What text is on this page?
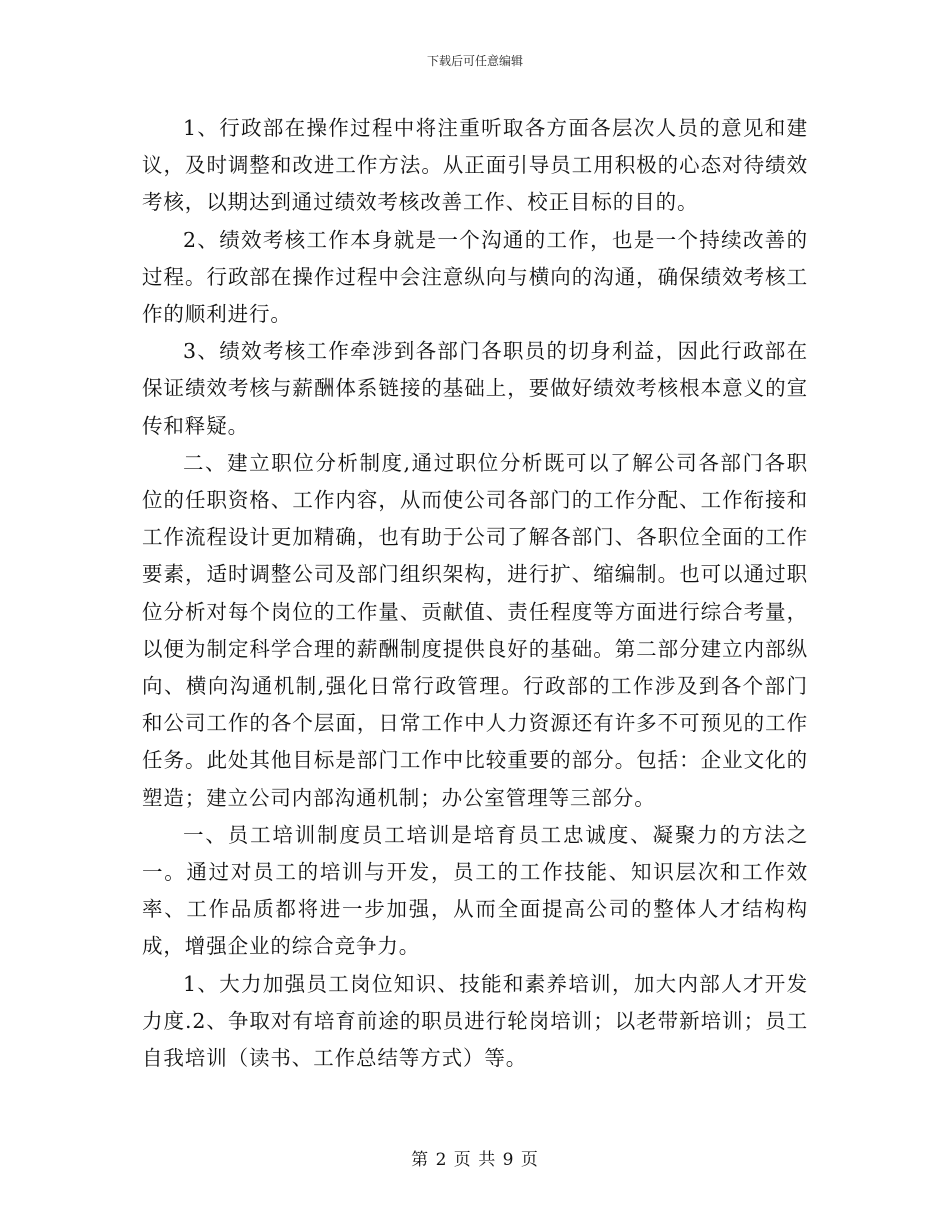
下载后可任意编辑

1、行政部在操作过程中将注重听取各方面各层次人员的意见和建议，及时调整和改进工作方法。从正面引导员工用积极的心态对待绩效考核，以期达到通过绩效考核改善工作、校正目标的目的。

2、绩效考核工作本身就是一个沟通的工作，也是一个持续改善的过程。行政部在操作过程中会注意纵向与横向的沟通，确保绩效考核工作的顺利进行。

3、绩效考核工作牵涉到各部门各职员的切身利益，因此行政部在保证绩效考核与薪酬体系链接的基础上，要做好绩效考核根本意义的宣传和释疑。

二、建立职位分析制度,通过职位分析既可以了解公司各部门各职位的任职资格、工作内容，从而使公司各部门的工作分配、工作衔接和工作流程设计更加精确，也有助于公司了解各部门、各职位全面的工作要素，适时调整公司及部门组织架构，进行扩、缩编制。也可以通过职位分析对每个岗位的工作量、贡献值、责任程度等方面进行综合考量，以便为制定科学合理的薪酬制度提供良好的基础。第二部分建立内部纵向、横向沟通机制,强化日常行政管理。行政部的工作涉及到各个部门和公司工作的各个层面，日常工作中人力资源还有许多不可预见的工作任务。此处其他目标是部门工作中比较重要的部分。包括：企业文化的塑造；建立公司内部沟通机制；办公室管理等三部分。

一、员工培训制度员工培训是培育员工忠诚度、凝聚力的方法之一。通过对员工的培训与开发，员工的工作技能、知识层次和工作效率、工作品质都将进一步加强，从而全面提高公司的整体人才结构构成，增强企业的综合竞争力。

1、大力加强员工岗位知识、技能和素养培训，加大内部人才开发力度.2、争取对有培育前途的职员进行轮岗培训；以老带新培训；员工自我培训（读书、工作总结等方式）等。

第 2 页 共 9 页
